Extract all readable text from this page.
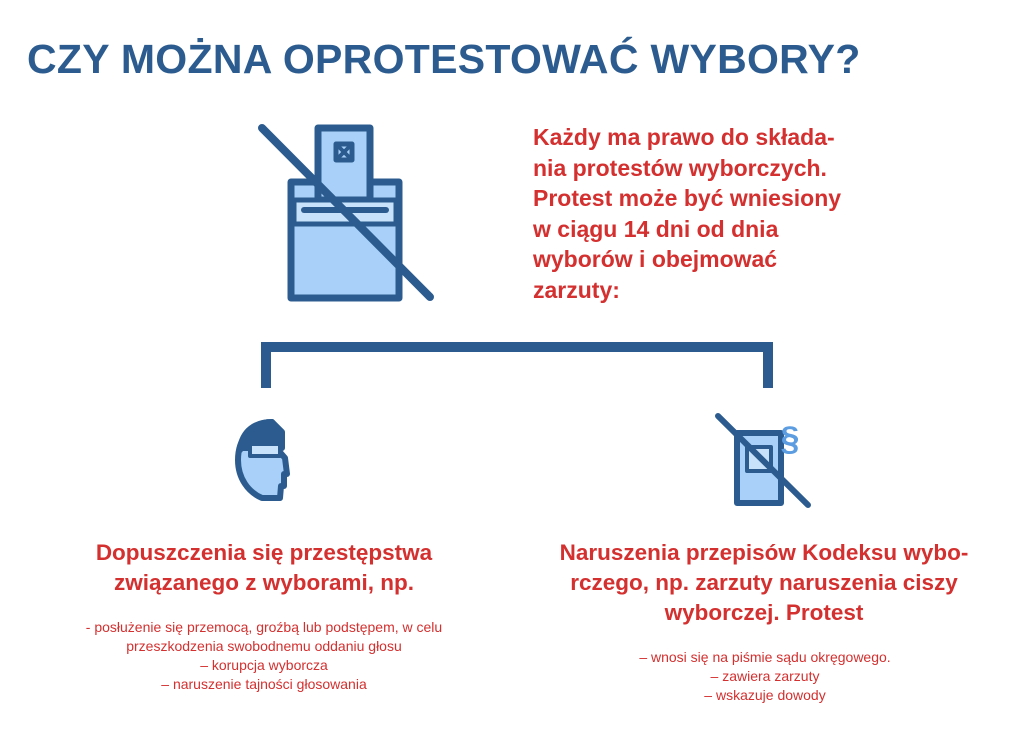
CZY MOŻNA OPROTESTOWAĆ WYBORY?
Każdy ma prawo do składa-
nia protestów wyborczych.
Protest może być wniesiony
w ciągu 14 dni od dnia
wyborów i obejmować
zarzuty:
§
Dopuszczenia się przestępstwa
związanego z wyborami, np.
- posłużenie się przemocą, groźbą lub podstępem, w celu
przeszkodzenia swobodnemu oddaniu głosu
– korupcja wyborcza
– naruszenie tajności głosowania
Naruszenia przepisów Kodeksu wybo-
rczego, np. zarzuty naruszenia ciszy
wyborczej. Protest
– wnosi się na piśmie sądu okręgowego.
– zawiera zarzuty
– wskazuje dowody
